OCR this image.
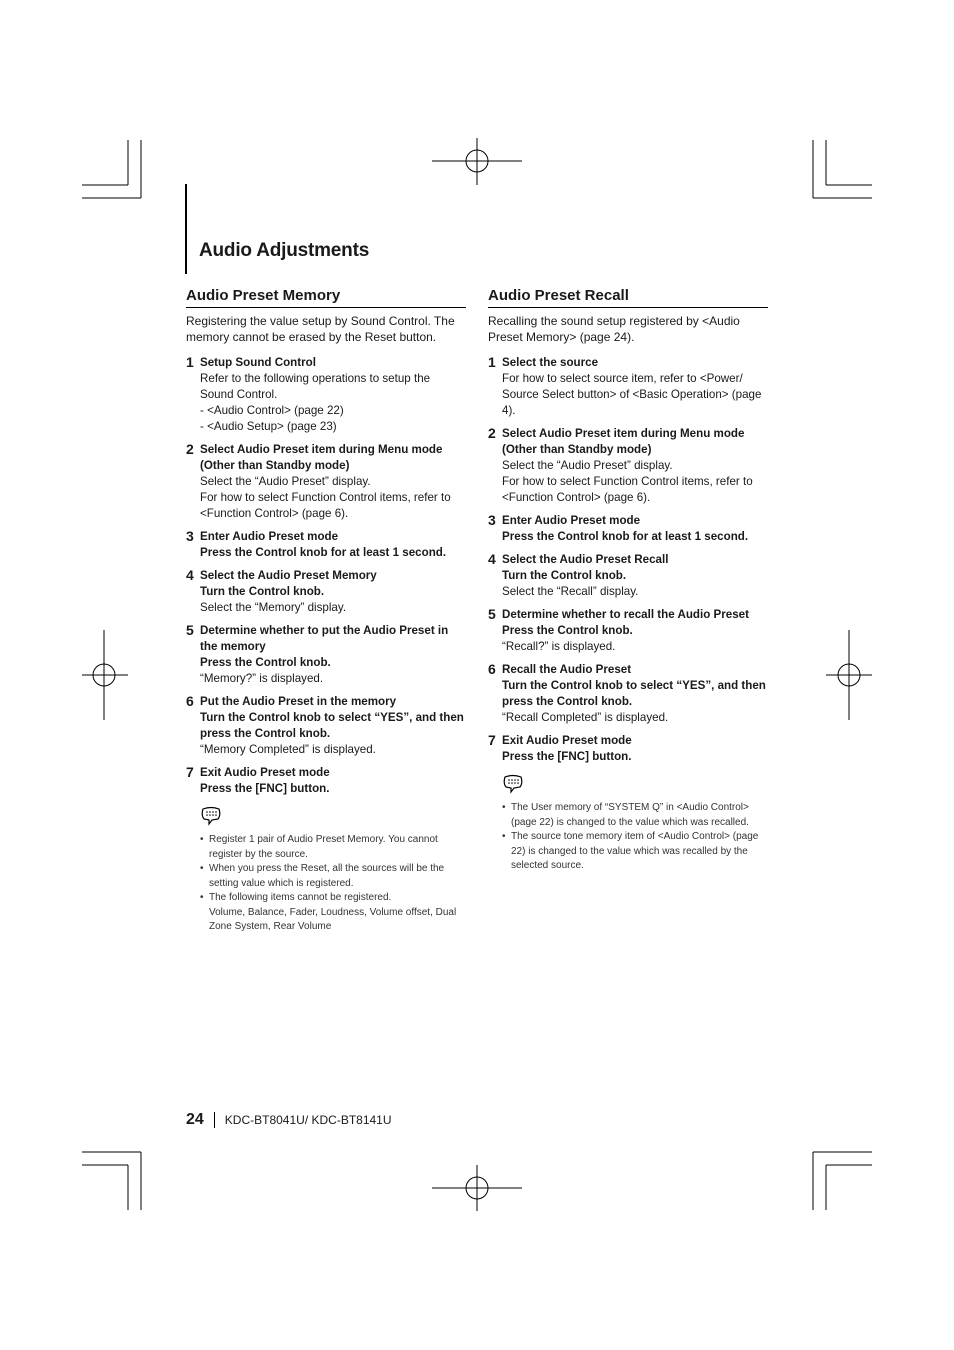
Audio Adjustments
Audio Preset Memory

Registering the value setup by Sound Control. The memory cannot be erased by the Reset button.

1 Setup Sound Control
Refer to the following operations to setup the Sound Control.
- <Audio Control> (page 22)
- <Audio Setup> (page 23)
2 Select Audio Preset item during Menu mode (Other than Standby mode)
Select the “Audio Preset” display.
For how to select Function Control items, refer to <Function Control> (page 6).
3 Enter Audio Preset mode
Press the Control knob for at least 1 second.
4 Select the Audio Preset Memory
Turn the Control knob.
Select the “Memory” display.
5 Determine whether to put the Audio Preset in the memory
Press the Control knob.
“Memory?” is displayed.
6 Put the Audio Preset in the memory
Turn the Control knob to select “YES”, and then press the Control knob.
“Memory Completed” is displayed.
7 Exit Audio Preset mode
Press the [FNC] button.
• Register 1 pair of Audio Preset Memory. You cannot register by the source.
• When you press the Reset, all the sources will be the setting value which is registered.
• The following items cannot be registered.
Volume, Balance, Fader, Loudness, Volume offset, Dual Zone System, Rear Volume
Audio Preset Recall

Recalling the sound setup registered by <Audio Preset Memory> (page 24).

1 Select the source
For how to select source item, refer to <Power/ Source Select button> of <Basic Operation> (page 4).
2 Select Audio Preset item during Menu mode (Other than Standby mode)
Select the “Audio Preset” display.
For how to select Function Control items, refer to <Function Control> (page 6).
3 Enter Audio Preset mode
Press the Control knob for at least 1 second.
4 Select the Audio Preset Recall
Turn the Control knob.
Select the “Recall” display.
5 Determine whether to recall the Audio Preset
Press the Control knob.
“Recall?” is displayed.
6 Recall the Audio Preset
Turn the Control knob to select “YES”, and then press the Control knob.
“Recall Completed” is displayed.
7 Exit Audio Preset mode
Press the [FNC] button.
• The User memory of “SYSTEM Q” in <Audio Control> (page 22) is changed to the value which was recalled.
• The source tone memory item of <Audio Control> (page 22) is changed to the value which was recalled by the selected source.
24 KDC-BT8041U/ KDC-BT8141U
